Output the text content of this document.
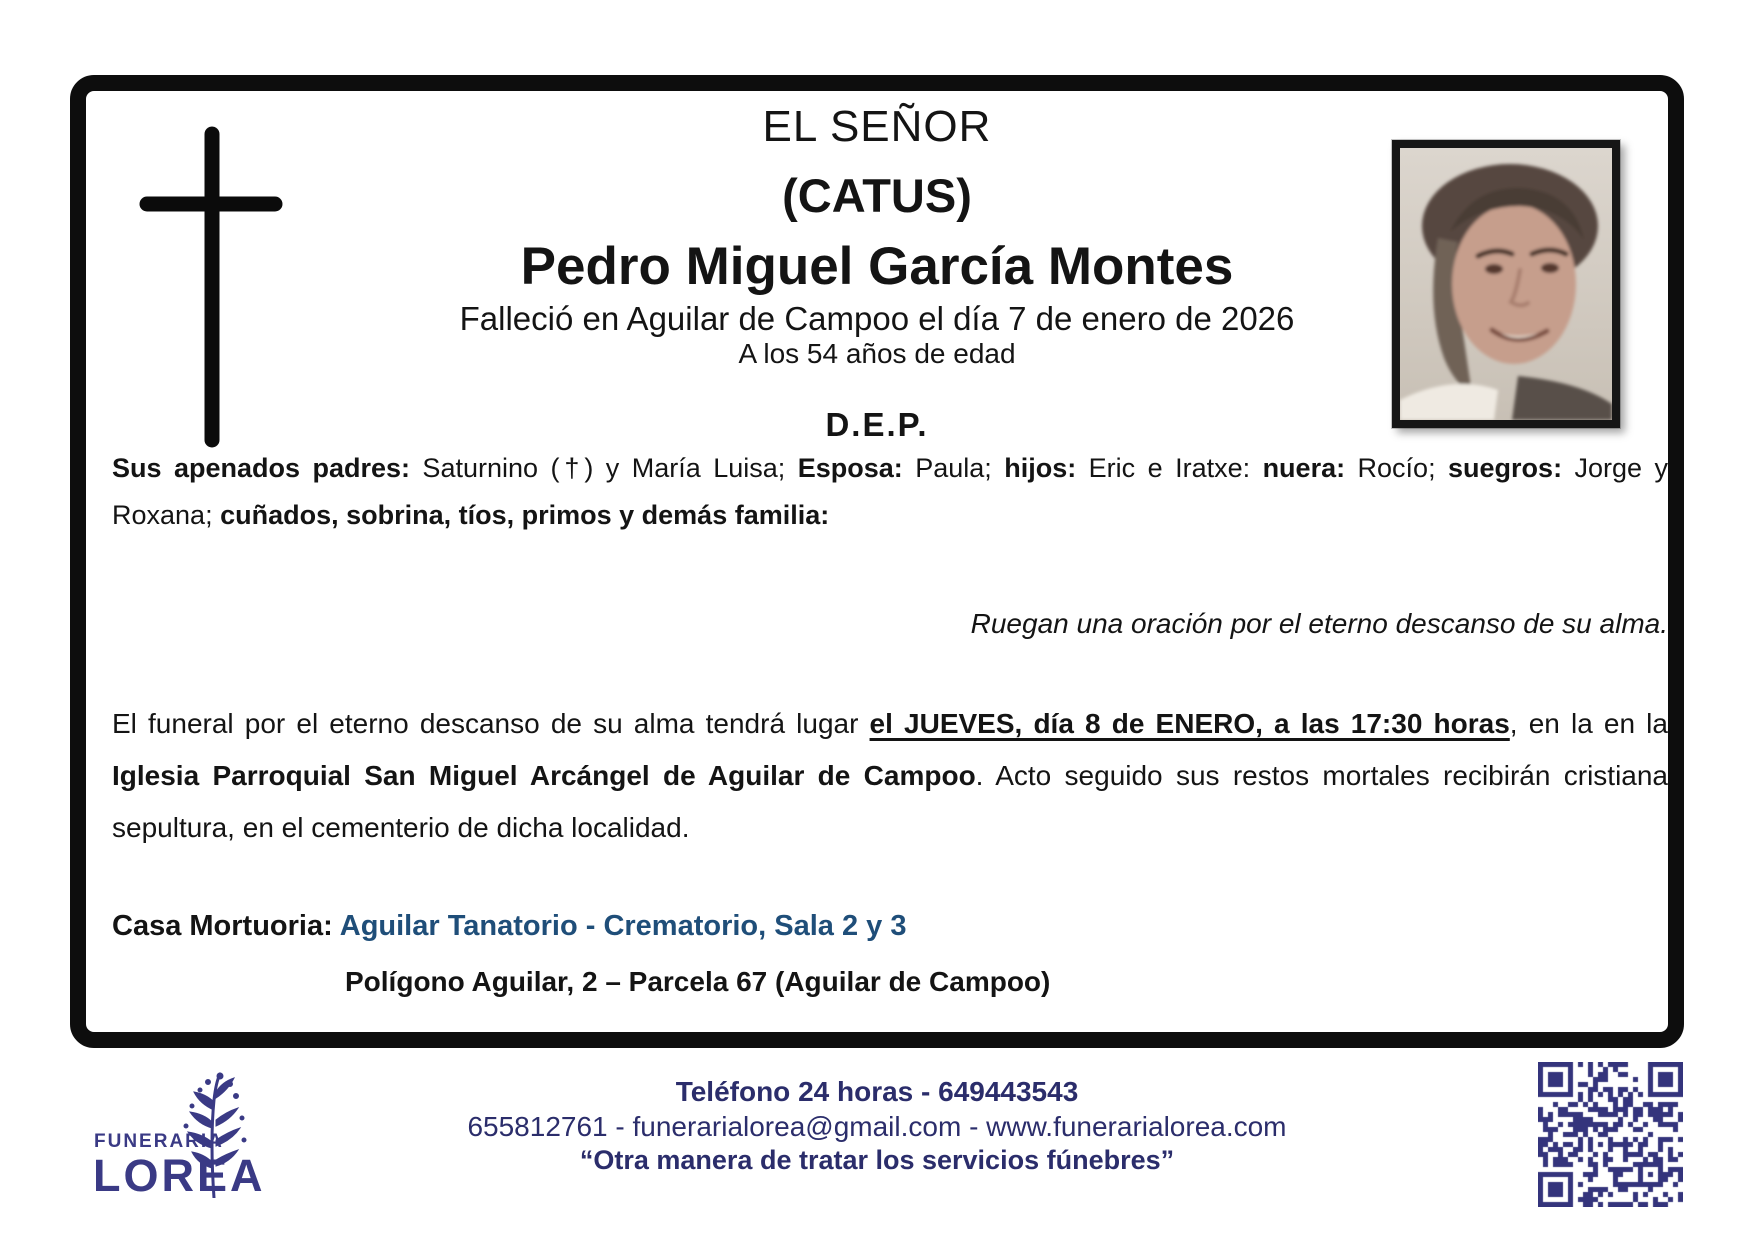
EL SEÑOR
(CATUS)
Pedro Miguel García Montes
Falleció en Aguilar de Campoo el día 7 de enero de 2026
A los 54 años de edad
D.E.P.
Sus apenados padres: Saturnino (†) y María Luisa; Esposa: Paula; hijos: Eric e Iratxe: nuera: Rocío; suegros: Jorge y Roxana; cuñados, sobrina, tíos, primos y demás familia:
Ruegan una oración por el eterno descanso de su alma.
El funeral por el eterno descanso de su alma tendrá lugar el JUEVES, día 8 de ENERO, a las 17:30 horas, en la en la Iglesia Parroquial San Miguel Arcángel de Aguilar de Campoo. Acto seguido sus restos mortales recibirán cristiana sepultura, en el cementerio de dicha localidad.
Casa Mortuoria: Aguilar Tanatorio - Crematorio, Sala 2 y 3
Polígono Aguilar, 2 – Parcela 67 (Aguilar de Campoo)
FUNERARIA
LOREA
Teléfono 24 horas - 649443543
655812761 - funerarialorea@gmail.com - www.funerarialorea.com
“Otra manera de tratar los servicios fúnebres”
